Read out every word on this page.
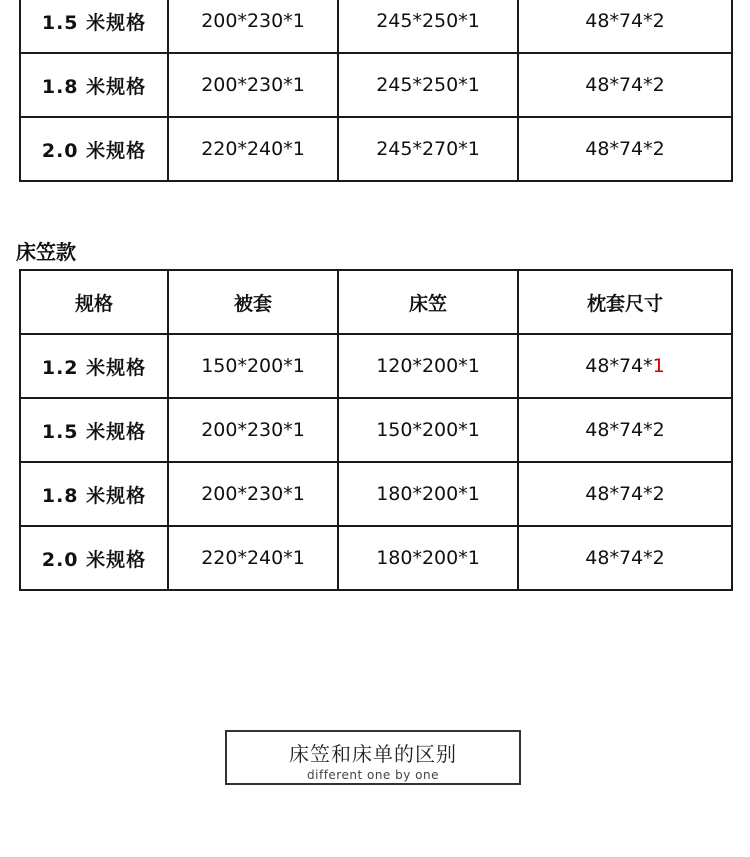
1.5 米规格	200*230*1	245*250*1	48*74*2
1.8 米规格	200*230*1	245*250*1	48*74*2
2.0 米规格	220*240*1	245*270*1	48*74*2
床笠款
规格	被套	床笠	枕套尺寸
1.2 米规格	150*200*1	120*200*1	48*74*1
1.5 米规格	200*230*1	150*200*1	48*74*2
1.8 米规格	200*230*1	180*200*1	48*74*2
2.0 米规格	220*240*1	180*200*1	48*74*2
床笠和床单的区别
different one by one
